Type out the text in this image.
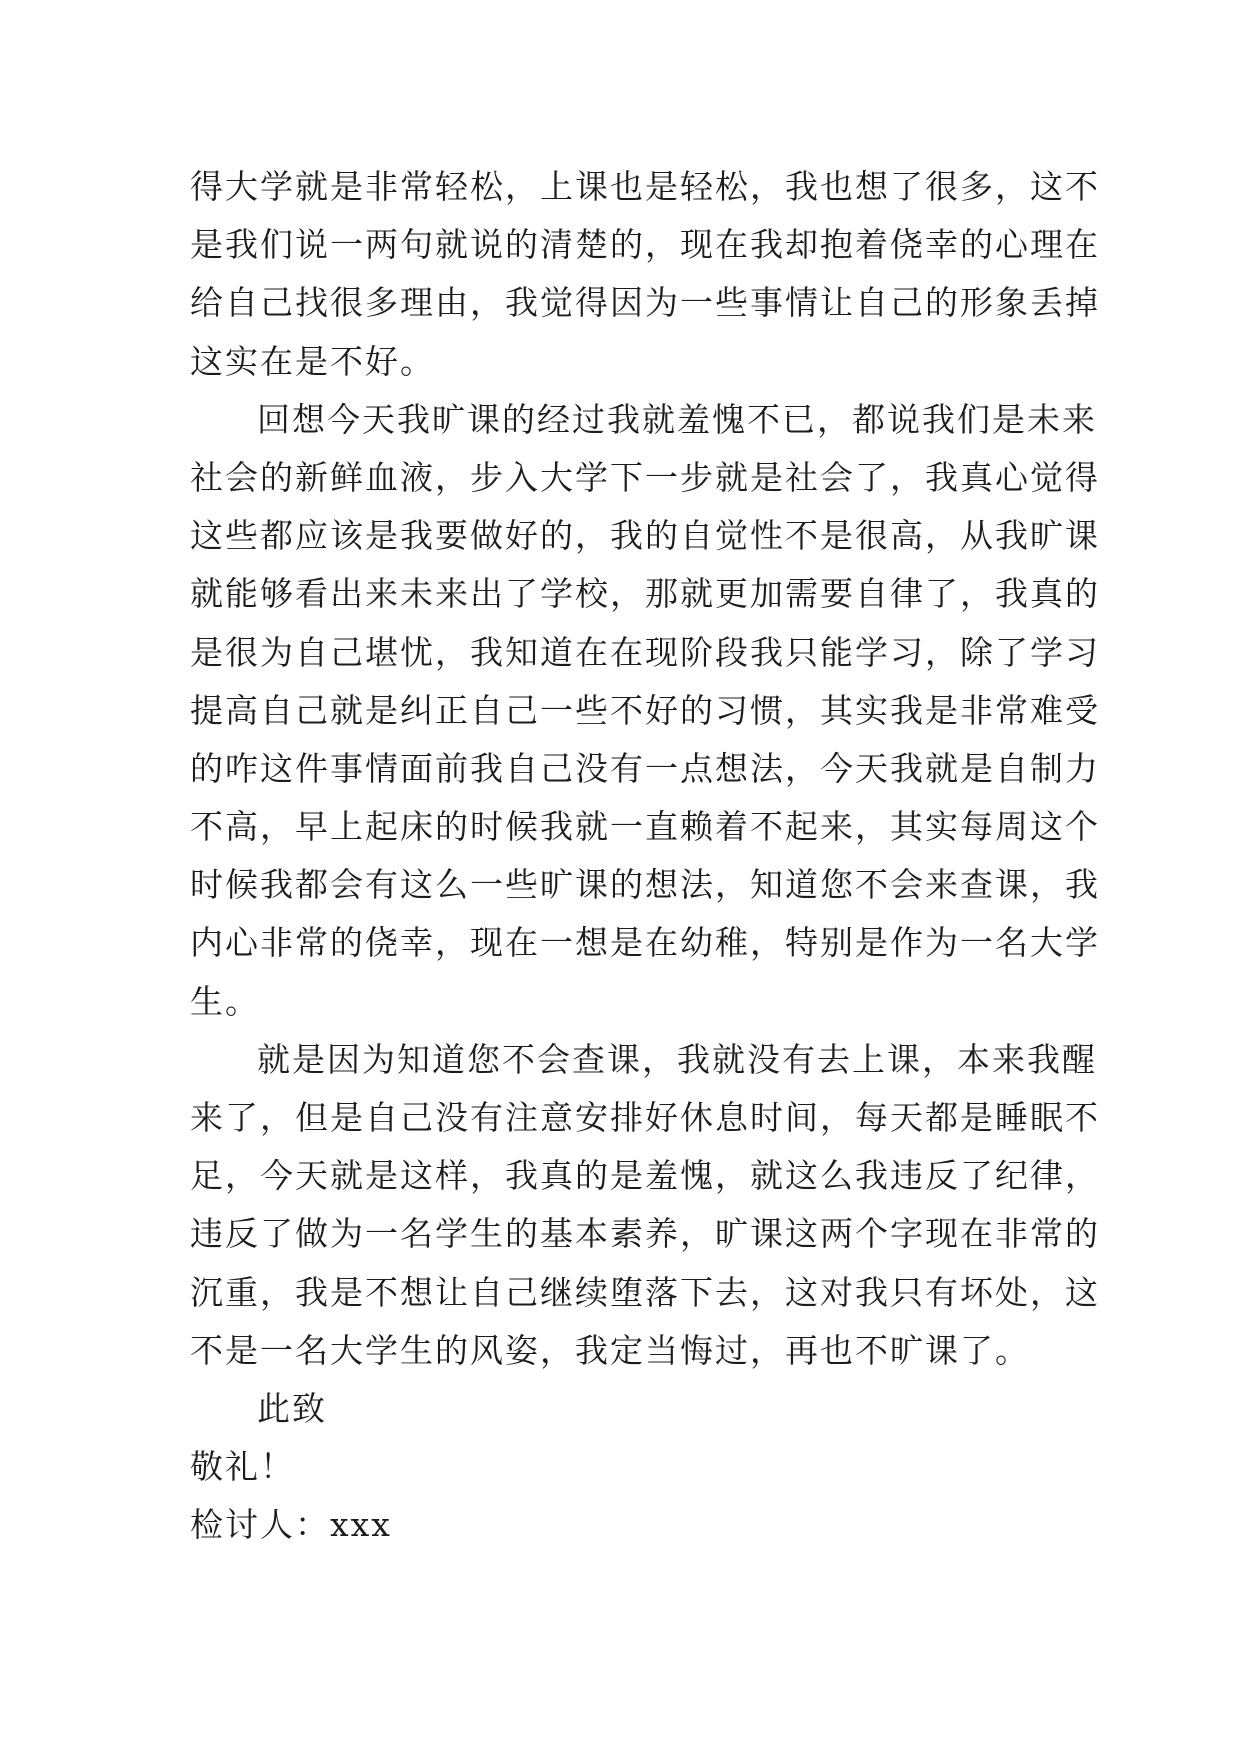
得大学就是非常轻松，上课也是轻松，我也想了很多，这不
是我们说一两句就说的清楚的，现在我却抱着侥幸的心理在
给自己找很多理由，我觉得因为一些事情让自己的形象丢掉
这实在是不好。
回想今天我旷课的经过我就羞愧不已，都说我们是未来
社会的新鲜血液，步入大学下一步就是社会了，我真心觉得
这些都应该是我要做好的，我的自觉性不是很高，从我旷课
就能够看出来未来出了学校，那就更加需要自律了，我真的
是很为自己堪忧，我知道在在现阶段我只能学习，除了学习
提高自己就是纠正自己一些不好的习惯，其实我是非常难受
的咋这件事情面前我自己没有一点想法，今天我就是自制力
不高，早上起床的时候我就一直赖着不起来，其实每周这个
时候我都会有这么一些旷课的想法，知道您不会来查课，我
内心非常的侥幸，现在一想是在幼稚，特别是作为一名大学
生。
就是因为知道您不会查课，我就没有去上课，本来我醒
来了，但是自己没有注意安排好休息时间，每天都是睡眠不
足，今天就是这样，我真的是羞愧，就这么我违反了纪律，
违反了做为一名学生的基本素养，旷课这两个字现在非常的
沉重，我是不想让自己继续堕落下去，这对我只有坏处，这
不是一名大学生的风姿，我定当悔过，再也不旷课了。
此致
敬礼！
检讨人：xxx
